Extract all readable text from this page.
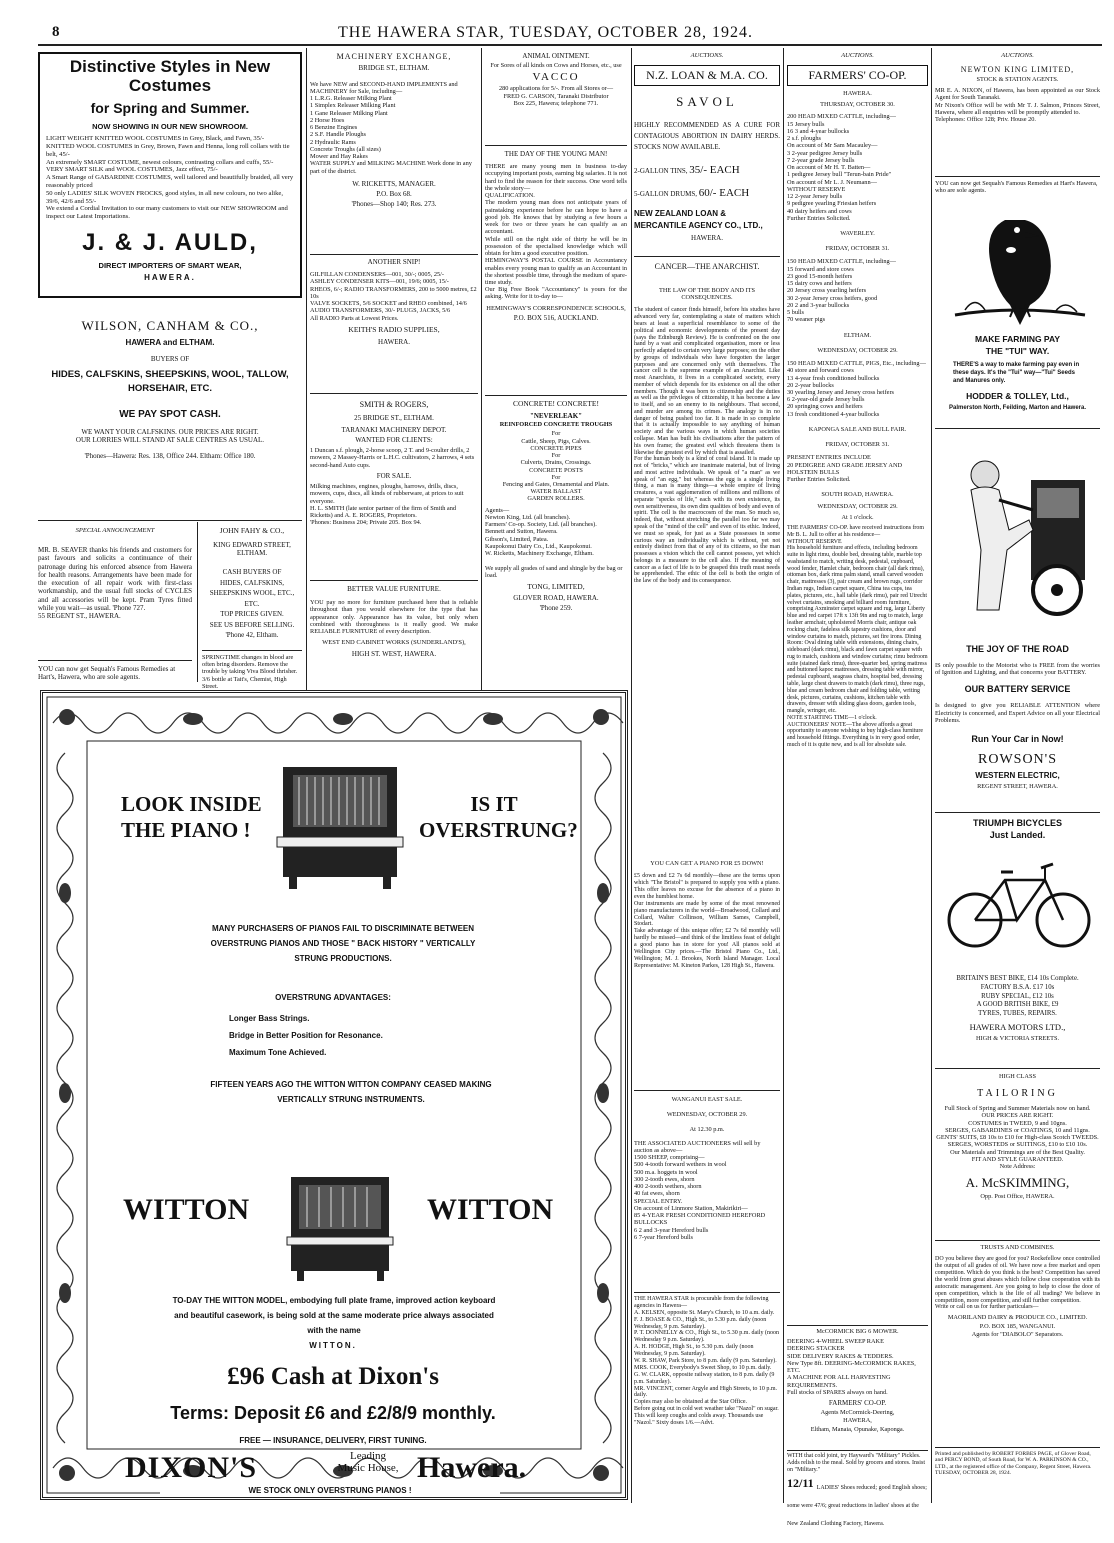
8	THE HAWERA STAR, TUESDAY, OCTOBER 28, 1924.
Distinctive Styles in New Costumes
for Spring and Summer.
NOW SHOWING IN OUR NEW SHOWROOM.
LIGHT WEIGHT KNITTED WOOL COSTUMES in Grey, Black, and Fawn, 35/-
KNITTED WOOL COSTUMES in Grey, Brown, Fawn and Henna, long roll collars with tie belt, 45/-
An extremely SMART COSTUME, newest colours, contrasting collars and cuffs, 55/-
VERY SMART SILK and WOOL COSTUMES, Jazz effect, 75/-
A Smart Range of GABARDINE COSTUMES, well tailored and beautifully braided, all very reasonably priced
50 only LADIES' SILK WOVEN FROCKS, good styles, in all new colours, no two alike, 39/6, 42/6 and 55/-
We extend a Cordial Invitation to our many customers to visit our NEW SHOWROOM and inspect our Latest Importations.
J. & J. AULD,
DIRECT IMPORTERS OF SMART WEAR,
HAWERA.
WILSON, CANHAM & CO.,
HAWERA and ELTHAM.
BUYERS OF
HIDES, CALFSKINS, SHEEPSKINS, WOOL, TALLOW, HORSEHAIR, ETC.
WE PAY SPOT CASH.
WE WANT YOUR CALFSKINS. OUR PRICES ARE RIGHT.
OUR LORRIES WILL STAND AT SALE CENTRES AS USUAL.
'Phones—Hawera: Res. 138, Office 244. Eltham: Office 180.
SPECIAL ANNOUNCEMENT
MR. B. SEAVER thanks his friends and customers for past favours and solicits a continuance of their patronage during his enforced absence from Hawera for health reasons. Arrangements have been made for the execution of all repair work with first-class workmanship, and the usual full stocks of CYCLES and all accessories will be kept. Pram Tyres fitted while you wait—as usual. 'Phone 727.
55 REGENT ST., HAWERA.
YOU can now get Sequah's Famous Remedies at Hart's, Hawera, who are sole agents.
JOHN FAHY & CO.,
KING EDWARD STREET, ELTHAM.
CASH BUYERS OF
HIDES, CALFSKINS, SHEEPSKINS WOOL, ETC., ETC.
TOP PRICES GIVEN.
SEE US BEFORE SELLING.
'Phone 42, Eltham.
SPRINGTIME changes in blood are often bring disorders. Remove the trouble by taking Viva Blood thrisher. 3/6 bottle at Tait's, Chemist, High Street.
MACHINERY EXCHANGE,
BRIDGE ST., ELTHAM.
We have NEW and SECOND-HAND IMPLEMENTS and MACHINERY for Sale, including—
1 L.R.G. Releaser Milking Plant
1 Simplex Releaser Milking Plant
1 Gane Releaser Milking Plant
2 Horse Hoes
6 Benzine Engines
2 S.F. Handle Ploughs
2 Hydraulic Rams
Concrete Troughs (all sizes)
Mower and Hay Rakes
WATER SUPPLY and MILKING MACHINE Work done in any part of the district.
W. RICKETTS, MANAGER.
P.O. Box 68.
'Phones—Shop 140; Res. 273.
ANOTHER SNIP!
GILFILLAN CONDENSERS—001, 30/-; 0005, 25/-
ASHLEY CONDENSER KITS—001, 19/6; 0005, 15/-
RHEOS, 6/-; RADIO TRANSFORMERS, 200 to 5000 metres, £2 10s
VALVE SOCKETS, 5/6 SOCKET and RHEO combined, 14/6 AUDIO TRANSFORMERS, 30/- PLUGS, JACKS, 5/6
All RADIO Parts at Lowest Prices.
KEITH'S RADIO SUPPLIES,
HAWERA.
SMITH & ROGERS,
25 BRIDGE ST., ELTHAM.
TARANAKI MACHINERY DEPOT.
WANTED FOR CLIENTS:
1 Duncan s.f. plough, 2-horse scoop, 2 T. and 9-coulter drills, 2 mowers, 2 Massey-Harris or L.H.C. cultivators, 2 harrows, 4 sets second-hand Auto cups.
FOR SALE.
Milking machines, engines, ploughs, harrows, drills, discs, mowers, cups, discs, all kinds of rubberware, at prices to suit everyone.
H. L. SMITH (late senior partner of the firm of Smith and Ricketts) and A. E. ROGERS, Proprietors.
'Phones: Business 204; Private 205. Box 94.
BETTER VALUE FURNITURE.
YOU pay no more for furniture purchased here that is reliable throughout than you would elsewhere for the type that has appearance only. Appearance has its value, but only when combined with thoroughness is it really good. We make RELIABLE FURNITURE of every description.
WEST END CABINET WORKS (SUNDERLAND'S),
HIGH ST. WEST, HAWERA.
ANIMAL OINTMENT.
For Sores of all kinds on Cows and Horses, etc., use
VACCO
280 applications for 5/-. From all Stores or—
FRED G. CARSON, Taranaki Distributor
Box 225, Hawera; telephone 771.
THE DAY OF THE YOUNG MAN!
THERE are many young men in business to-day occupying important posts, earning big salaries. It is not hard to find the reason for their success. One word tells the whole story—
QUALIFICATION.
The modern young man does not anticipate years of painstaking experience before he can hope to have a good job. He knows that by studying a few hours a week for two or three years he can qualify as an accountant.
While still on the right side of thirty he will be in possession of the specialised knowledge which will obtain for him a good executive position.
HEMINGWAY'S POSTAL COURSE in Accountancy enables every young man to qualify as an Accountant in the shortest possible time, through the medium of spare-time study.
Our Big Free Book "Accountancy" is yours for the asking. Write for it to-day to—
HEMINGWAY'S CORRESPONDENCE SCHOOLS,
P.O. BOX 516, AUCKLAND.
CONCRETE! CONCRETE!
"NEVERLEAK"
REINFORCED CONCRETE TROUGHS
For
Cattle, Sheep, Pigs, Calves.
CONCRETE PIPES
For
Culverts, Drains, Crossings.
CONCRETE POSTS
For
Fencing and Gates, Ornamental and Plain.
WATER BALLAST
GARDEN ROLLERS.
Agents—
Newton King, Ltd. (all branches).
Farmers' Co-op. Society, Ltd. (all branches).
Bennett and Sutton, Hawera.
Gibson's, Limited, Patea.
Kaupokonui Dairy Co., Ltd., Kaupokonui.
W. Ricketts, Machinery Exchange, Eltham.

We supply all grades of sand and shingle by the bag or load.
TONG, LIMITED,
GLOVER ROAD, HAWERA.
'Phone 259.
LOOK INSIDE THE PIANO !
IS IT OVERSTRUNG?
MANY PURCHASERS OF PIANOS FAIL TO DISCRIMINATE BETWEEN OVERSTRUNG PIANOS AND THOSE " BACK HISTORY " VERTICALLY STRUNG PRODUCTIONS.
OVERSTRUNG ADVANTAGES:
Longer Bass Strings.
Bridge in Better Position for Resonance.
Maximum Tone Achieved.
FIFTEEN YEARS AGO THE WITTON WITTON COMPANY CEASED MAKING VERTICALLY STRUNG INSTRUMENTS.
WITTON	WITTON
TO-DAY THE WITTON MODEL, embodying full plate frame, improved action keyboard and beautiful casework, is being sold at the same moderate price always associated with the name
WITTON.
£96 Cash at Dixon's
Terms: Deposit £6 and £2/8/9 monthly.
FREE — INSURANCE, DELIVERY, FIRST TUNING.
DIXON'S	Leading Music House, Hawera.
WE STOCK ONLY OVERSTRUNG PIANOS !
AUCTIONS.
N.Z. LOAN & M.A. CO.
SAVOL
HIGHLY RECOMMENDED AS A CURE FOR CONTAGIOUS ABORTION IN DAIRY HERDS. STOCKS NOW AVAILABLE.
2-GALLON TINS, 35/- EACH
5-GALLON DRUMS, 60/- EACH
NEW ZEALAND LOAN & MERCANTILE AGENCY CO., LTD.,
HAWERA.
CANCER—THE ANARCHIST.
THE LAW OF THE BODY AND ITS CONSEQUENCES.
The student of cancer finds himself, before his studies have advanced very far, contemplating a state of matters which bears at least a superficial resemblance to some of the political and economic developments of the present day (says the Edinburgh Review). He is confronted on the one hand by a vast and complicated organisation, more or less perfectly adapted to certain very large purposes; on the other by groups of individuals who have forgotten the larger purposes and are concerned only with themselves. The cancer cell is the supreme example of an Anarchist. Like most Anarchists, it lives in a complicated society, every member of which depends for its existence on all the other members. Though it was born to citizenship and the duties as well as the privileges of citizenship, it has become a law to itself, and so an enemy to its neighbours. That second, and murder are among its crimes. The analogy is in no danger of being pushed too far. It is made in so complete that it is actually impossible to say anything of human society and the various ways in which human societies collapse. Man has built his civilisations after the pattern of his own frame; the greatest evil which threatens them is likewise the greatest evil by which that is assailed.
For the human body is a kind of coral island. It is made up not of "bricks," which are inanimate material, but of living and most active individuals. We speak of "a man" as we speak of "an egg," but whereas the egg is a single living thing, a man is many things—a whole empire of living creatures, a vast agglomeration of millions and millions of separate "specks of life," each with its own existence, its own sensitiveness, its own dim qualities of body and even of spirit. The cell is the macrocosm of the man. So much so, indeed, that, without stretching the parallel too far we may speak of the "mind of the cell" and even of its ethic. Indeed, we must so speak, for just as a State possesses in some curious way an individuality which is without, yet not entirely distinct from that of any of its citizens, so the man possesses a vision which the cell cannot possess, yet which belongs in a measure to the cell also. If the meaning of cancer as a fact of life is to be grasped this truth must needs be apprehended. The ethic of the cell is both the origin of the law of the body and its consequence.
YOU CAN GET A PIANO FOR £5 DOWN!
£5 down and £2 7s 6d monthly—these are the terms upon which "The Bristol" is prepared to supply you with a piano. This offer leaves no excuse for the absence of a piano in even the humblest home.
Our instruments are made by some of the most renowned piano manufacturers in the world—Broadwood, Collard and Collard, Walter Collinson, William Sames, Campbell, Stodart.
Take advantage of this unique offer; £2 7s 6d monthly will hardly be missed—and think of the limitless feast of delight a good piano has in store for you! All pianos sold at Wellington City prices.—The Bristol Piano Co., Ltd., Wellington; M. J. Brookes, North Island Manager. Local Representative: M. Kineton Parkes, 128 High St., Hawera.
WANGANUI EAST SALE.
WEDNESDAY, OCTOBER 29.
At 12.30 p.m.
THE ASSOCIATED AUCTIONEERS will sell by auction as above—
1500 SHEEP, comprising—
500 4-tooth forward wethers in wool
500 m.a. hoggets in wool
300 2-tooth ewes, shorn
400 2-tooth wethers, shorn
40 fat ewes, shorn
SPECIAL ENTRY.
On account of Linmore Station, Makirikiri—
85 4-YEAR FRESH CONDITIONED HEREFORD BULLOCKS
6 2 and 3-year Hereford bulls
6 7-year Hereford bulls
THE HAWERA STAR is procurable from the following agencies in Hawera—
A. KELSEN, opposite St. Mary's Church, to 10 a.m. daily.
F. J. BOASE & CO., High St., to 5.30 p.m. daily (noon Wednesday, 9 p.m. Saturday).
P. T. DONNELLY & CO., High St., to 5.30 p.m. daily (noon Wednesday 9 p.m. Saturday).
A. H. HODGE, High St., to 5.30 p.m. daily (noon Wednesday, 9 p.m. Saturday).
W. R. SHAW, Park Store, to 8 p.m. daily (9 p.m. Saturday).
MRS. COOK, Everybody's Sweet Shop, to 10 p.m. daily.
G. W. CLARK, opposite railway station, to 8 p.m. daily (9 p.m. Saturday).
MR. VINCENT, corner Argyle and High Streets, to 10 p.m. daily.
Copies may also be obtained at the Star Office.
Before going out in cold wet weather take "Nazol" on sugar. This will keep coughs and colds away. Thousands use "Nazol." Sixty doses 1/6.—Advt.
AUCTIONS.
FARMERS' CO-OP.
HAWERA.
THURSDAY, OCTOBER 30.
200 HEAD MIXED CATTLE, including—
15 Jersey bulls
16 3 and 4-year bullocks
2 s.f. ploughs
On account of Mr Sam Macauley—
3 2-year pedigree Jersey bulls
7 2-year grade Jersey bulls
On account of Mr H. T. Batten—
1 pedigree Jersey bull "Terun-bain Pride"
On account of Mr L. J. Neumann—
WITHOUT RESERVE
12 2-year Jersey bulls
9 pedigree yearling Friesian heifers
40 dairy heifers and cows
Further Entries Solicited.
WAVERLEY.
FRIDAY, OCTOBER 31.
150 HEAD MIXED CATTLE, including—
15 forward and store cows
23 good 15-month heifers
15 dairy cows and heifers
20 Jersey cross yearling heifers
30 2-year Jersey cross heifers, good
20 2 and 3-year bullocks
5 bulls
70 weaner pigs
ELTHAM.
WEDNESDAY, OCTOBER 29.
150 HEAD MIXED CATTLE, PIGS, Etc., including—
40 store and forward cows
13 4-year fresh conditioned bullocks
20 2-year bullocks
30 yearling Jersey and Jersey cross heifers
6 2-year-old grade Jersey bulls
20 springing cows and heifers
13 fresh conditioned 4-year bullocks
KAPONGA SALE AND BULL FAIR.
FRIDAY, OCTOBER 31.
PRESENT ENTRIES INCLUDE
20 PEDIGREE AND GRADE JERSEY AND HOLSTEIN BULLS
Further Entries Solicited.
SOUTH ROAD, HAWERA.
WEDNESDAY, OCTOBER 29.
At 1 o'clock.
THE FARMERS' CO-OP. have received instructions from Mr B. L. Jull to offer at his residence—
WITHOUT RESERVE
His household furniture and effects, including bedroom suite in light rimu, double bed, dressing table, marble top washstand to match, writing desk, pedestal, cupboard, wood fender, Hamlet chair, bedroom chair (all dark rimu), ottoman box, dark rimu palm stand, small carved wooden chair, mattresses (3), pair cream and brown rugs, corridor Indian rugs, Indian carpet square, China tea cups, tea plates, pictures, etc., hall table (dark rimu), pair red Utrecht velvet curtains, smoking and billiard room furniture, comprising Axminster carpet square and rug, large Liberty blue and red carpet 17ft x 13ft 9in and rug to match, large leather armchair, upholstered Morris chair, antique oak rocking chair, fadeless silk tapestry cushions, door and window curtains to match, pictures, set fire irons. Dining Room: Oval dining table with extensions, dining chairs, sideboard (dark rimu), black and fawn carpet square with rug to match, cushions and window curtains; rimu bedroom suite (stained dark rimu), three-quarter bed, spring mattress and buttoned kapoc mattresses, dressing table with mirror, pedestal cupboard, seagrass chairs, hospital bed, dressing table, large chest drawers to match (dark rimu), three rugs, blue and cream bedroom chair and folding table, writing desk, pictures, curtains, cushions, kitchen table with drawers, dresser with sliding glass doors, garden tools, mangle, wringer, etc.
NOTE STARTING TIME—1 o'clock.
AUCTIONEERS' NOTE—The above affords a great opportunity to anyone wishing to buy high-class furniture and household fittings. Everything is in very good order, much of it is quite new, and is all for absolute sale.
McCORMICK BIG 6 MOWER.
DEERING 4-WHEEL SWEEP RAKE
DEERING STACKER
SIDE DELIVERY RAKES & TEDDERS.
New Type 8ft. DEERING-McCORMICK RAKES, ETC.
A MACHINE FOR ALL HARVESTING REQUIREMENTS.
Full stocks of SPARES always on hand.
FARMERS' CO-OP.
Agents McCormick-Deering,
HAWERA,
Eltham, Manaia, Opunake, Kaponga.
WITH that cold joint, try Hayward's "Military" Pickles. Adds relish to the meal. Sold by grocers and stores. Insist on "Military."
12/11 LADIES' Shoes reduced; good English shoes; some were 47/6; great reductions in ladies' shoes at the New Zealand Clothing Factory, Hawera.
AUCTIONS.
NEWTON KING LIMITED,
STOCK & STATION AGENTS.
MR E. A. NIXON, of Hawera, has been appointed as our Stock Agent for South Taranaki.
Mr Nixon's Office will be with Mr T. J. Salmon, Princes Street, Hawera, where all enquiries will be promptly attended to.
Telephones: Office 128; Priv. House 20.
YOU can now get Sequah's Famous Remedies at Hart's Hawera, who are sole agents.
MAKE FARMING PAY
THE "TUI" WAY.
THERE'S a way to make farming pay even in these days. It's the "Tui" way—"Tui" Seeds and Manures only.
HODDER & TOLLEY, Ltd.,
Palmerston North, Feilding, Marton and Hawera.
THE JOY OF THE ROAD
IS only possible to the Motorist who is FREE from the worries of Ignition and Lighting, and that concerns your BATTERY.
OUR BATTERY SERVICE
Is designed to give you RELIABLE ATTENTION where Electricity is concerned, and Expert Advice on all your Electrical Problems.
Run Your Car in Now!
ROWSON'S
WESTERN ELECTRIC,
REGENT STREET, HAWERA.
TRIUMPH BICYCLES
Just Landed.
BRITAIN'S BEST BIKE, £14 10s Complete.
FACTORY B.S.A. £17 10s
RUBY SPECIAL, £12 10s
A GOOD BRITISH BIKE, £9
TYRES, TUBES, REPAIRS.
HAWERA MOTORS LTD.,
HIGH & VICTORIA STREETS.
HIGH CLASS
TAILORING
Full Stock of Spring and Summer Materials now on hand.
OUR PRICES ARE RIGHT.
COSTUMES in TWEED, 9 and 10gns.
SERGES, GABARDINES or COATINGS, 10 and 11gns.
GENTS' SUITS, £8 10s to £10 for High-class Scotch TWEEDS.
SERGES, WORSTEDS or SUITINGS, £10 to £10 10s.
Our Materials and Trimmings are of the Best Quality.
FIT AND STYLE GUARANTEED.
Note Address:
A. McSKIMMING,
Opp. Post Office, HAWERA.
TRUSTS AND COMBINES.
DO you believe they are good for you? Rockefellow once controlled the output of all grades of oil. We have now a free market and open competition. Which do you think is the best? Competition has saved the world from great abuses which follow close cooperation with its autocratic management. Are you going to help to close the door of open competition, which is the life of all trading? We believe in competition, more competition, and still further competition.
Write or call on us for further particulars—
MAORILAND DAIRY & PRODUCE CO., LIMITED.
P.O. BOX 185, WANGANUI.
Agents for "DIABOLO" Separators.
Printed and published by ROBERT FORBES PAGE, of Glover Road, and PERCY BOND, of South Road, for W. A. PARKINSON & CO., LTD., at the registered office of the Company, Regent Street, Hawera.
TUESDAY, OCTOBER 28, 1924.
